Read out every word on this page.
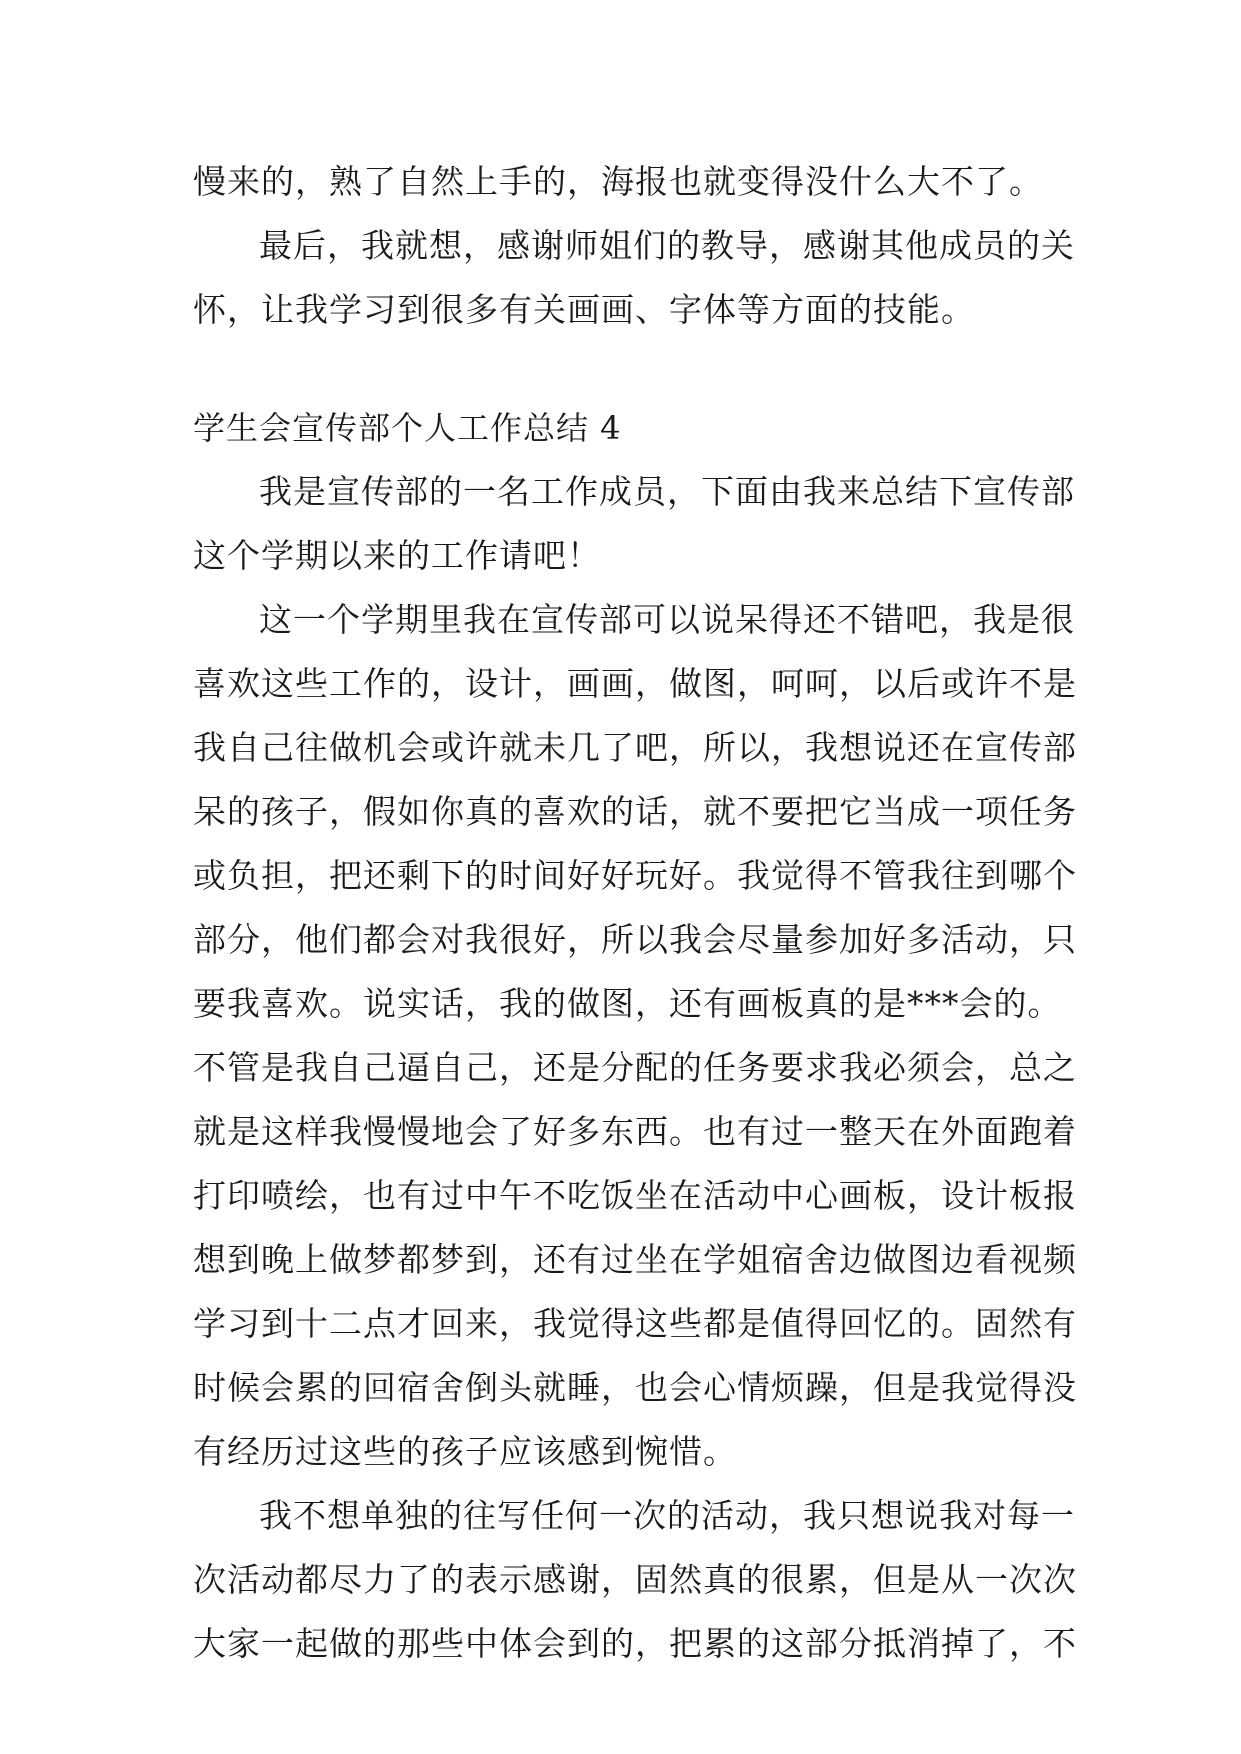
慢来的，熟了自然上手的，海报也就变得没什么大不了。
最后，我就想，感谢师姐们的教导，感谢其他成员的关
怀，让我学习到很多有关画画、字体等方面的技能。
学生会宣传部个人工作总结 4
我是宣传部的一名工作成员，下面由我来总结下宣传部
这个学期以来的工作请吧！
这一个学期里我在宣传部可以说呆得还不错吧，我是很
喜欢这些工作的，设计，画画，做图，呵呵，以后或许不是
我自己往做机会或许就未几了吧，所以，我想说还在宣传部
呆的孩子，假如你真的喜欢的话，就不要把它当成一项任务
或负担，把还剩下的时间好好玩好。我觉得不管我往到哪个
部分，他们都会对我很好，所以我会尽量参加好多活动，只
要我喜欢。说实话，我的做图，还有画板真的是***会的。
不管是我自己逼自己，还是分配的任务要求我必须会，总之
就是这样我慢慢地会了好多东西。也有过一整天在外面跑着
打印喷绘，也有过中午不吃饭坐在活动中心画板，设计板报
想到晚上做梦都梦到，还有过坐在学姐宿舍边做图边看视频
学习到十二点才回来，我觉得这些都是值得回忆的。固然有
时候会累的回宿舍倒头就睡，也会心情烦躁，但是我觉得没
有经历过这些的孩子应该感到惋惜。
我不想单独的往写任何一次的活动，我只想说我对每一
次活动都尽力了的表示感谢，固然真的很累，但是从一次次
大家一起做的那些中体会到的，把累的这部分抵消掉了，不
